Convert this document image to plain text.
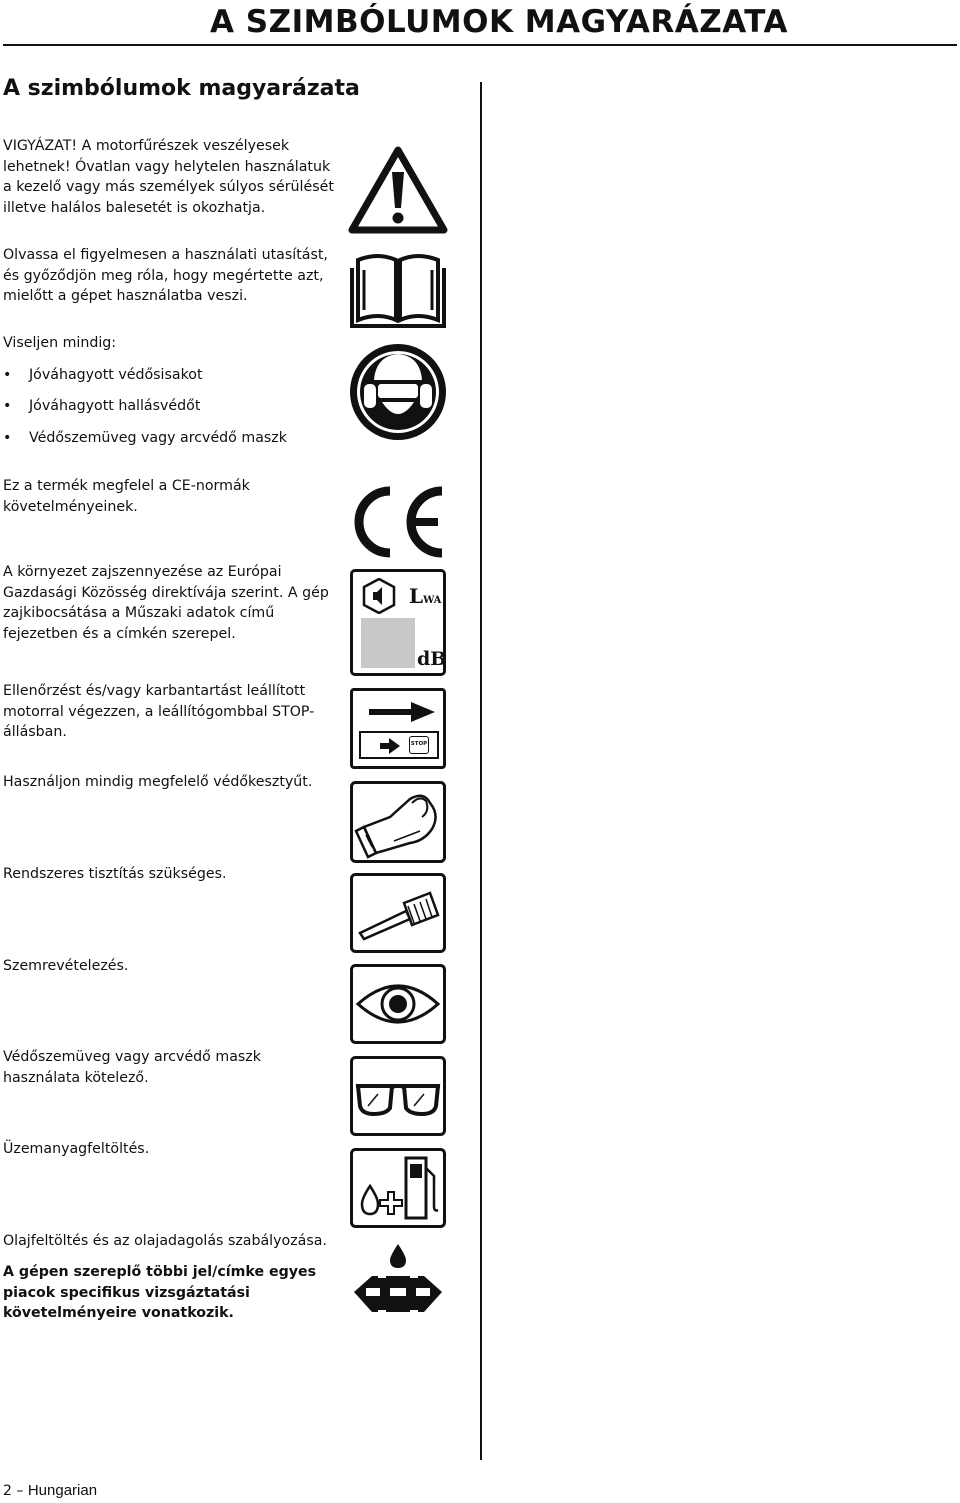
A SZIMBÓLUMOK MAGYARÁZATA
A szimbólumok magyarázata

VIGYÁZAT! A motorfűrészek veszélyesek lehetnek! Óvatlan vagy helytelen használatuk a kezelő vagy más személyek súlyos sérülését illetve halálos balesetét is okozhatja.

Olvassa el figyelmesen a használati utasítást, és győződjön meg róla, hogy megértette azt, mielőtt a gépet használatba veszi.

Viseljen mindig:

• Jóváhagyott védősisakot
• Jóváhagyott hallásvédőt
• Védőszemüveg vagy arcvédő maszk

Ez a termék megfelel a CE-normák követelményeinek.

A környezet zajszennyezése az Európai Gazdasági Közösség direktívája szerint. A gép zajkibocsátása a Műszaki adatok című fejezetben és a címkén szerepel.

Ellenőrzést és/vagy karbantartást leállított motorral végezzen, a leállítógombbal STOP-állásban.

Használjon mindig megfelelő védőkesztyűt.

Rendszeres tisztítás szükséges.

Szemrevételezés.

Védőszemüveg vagy arcvédő maszk használata kötelező.

Üzemanyagfeltöltés.

Olajfeltöltés és az olajadagolás szabályozása.

A gépen szereplő többi jel/címke egyes piacok specifikus vizsgáztatási követelményeire vonatkozik.

LWA
dB
STOP
2 – Hungarian
